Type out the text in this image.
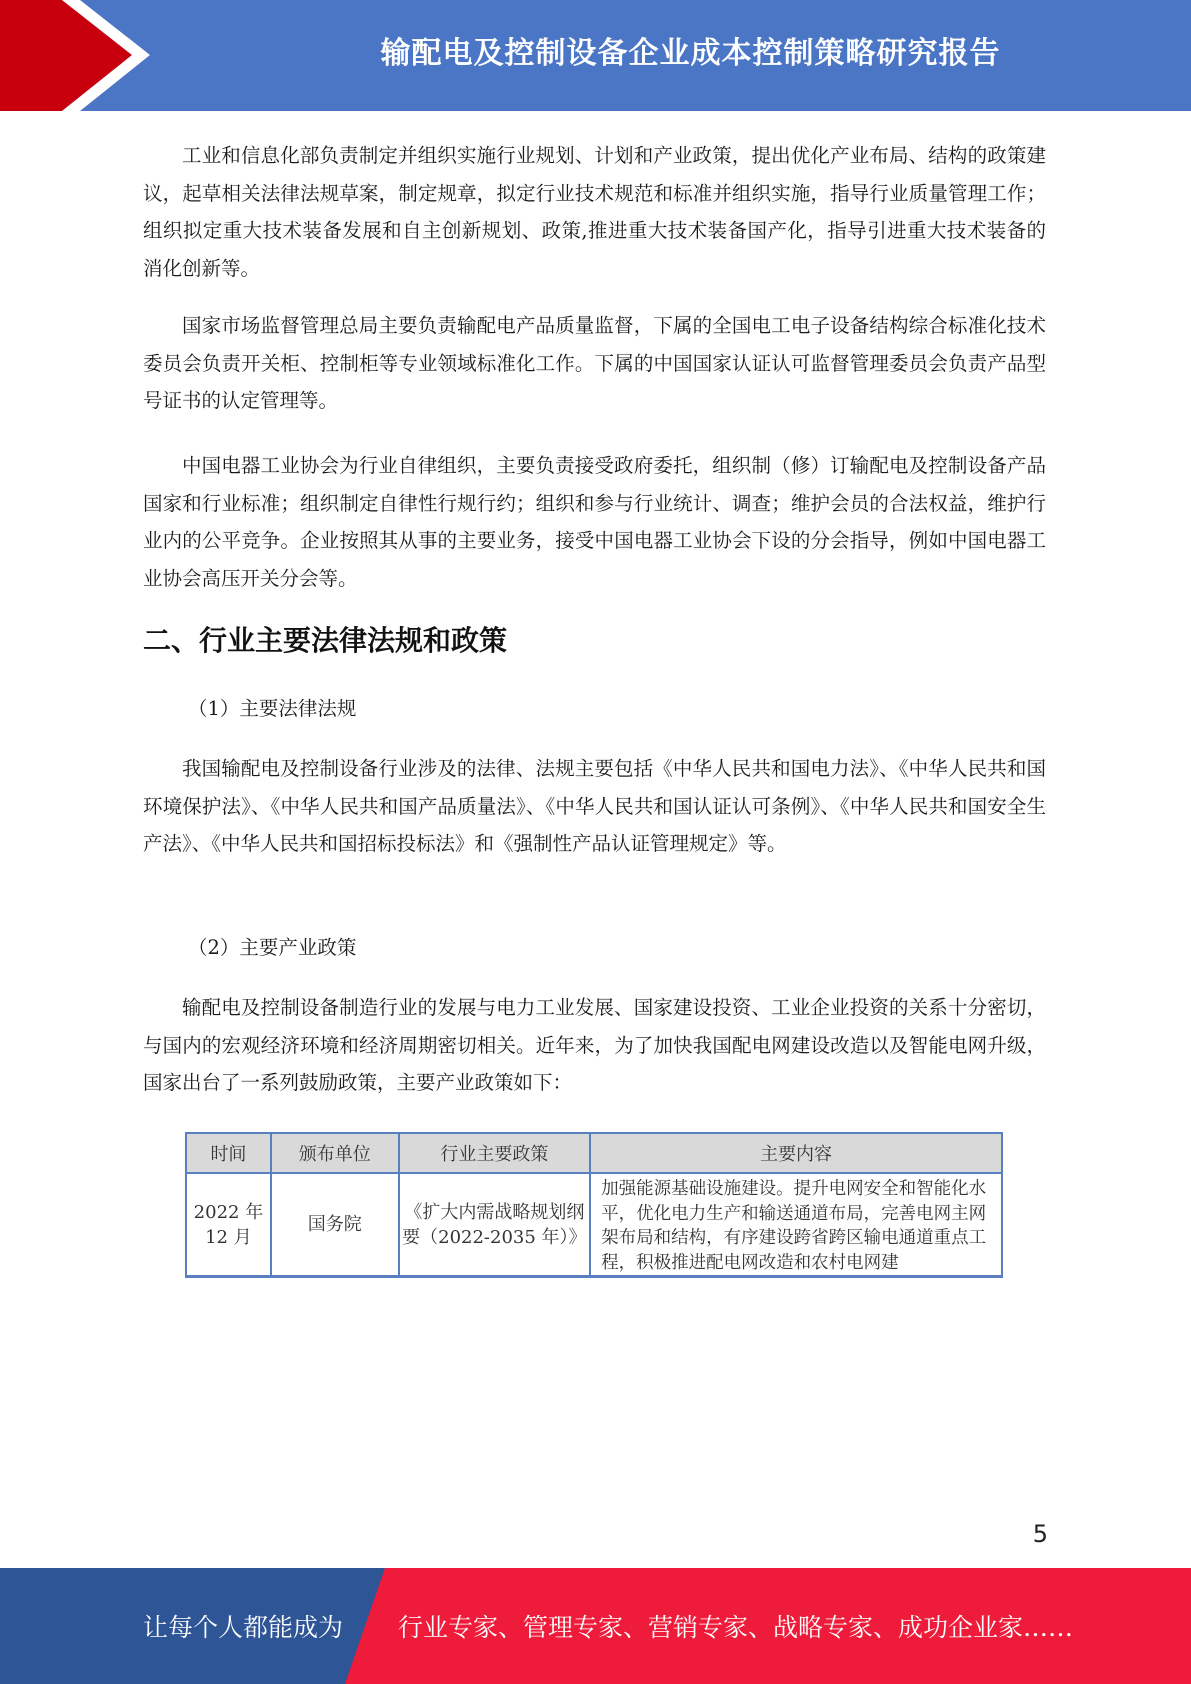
输配电及控制设备企业成本控制策略研究报告

工业和信息化部负责制定并组织实施行业规划、计划和产业政策，提出优化产业布局、结构的政策建议，起草相关法律法规草案，制定规章，拟定行业技术规范和标准并组织实施，指导行业质量管理工作；组织拟定重大技术装备发展和自主创新规划、政策,推进重大技术装备国产化，指导引进重大技术装备的消化创新等。

国家市场监督管理总局主要负责输配电产品质量监督，下属的全国电工电子设备结构综合标准化技术委员会负责开关柜、控制柜等专业领域标准化工作。下属的中国国家认证认可监督管理委员会负责产品型号证书的认定管理等。

中国电器工业协会为行业自律组织，主要负责接受政府委托，组织制（修）订输配电及控制设备产品国家和行业标准；组织制定自律性行规行约；组织和参与行业统计、调查；维护会员的合法权益，维护行业内的公平竞争。企业按照其从事的主要业务，接受中国电器工业协会下设的分会指导，例如中国电器工业协会高压开关分会等。

二、行业主要法律法规和政策
（1）主要法律法规

我国输配电及控制设备行业涉及的法律、法规主要包括《中华人民共和国电力法》、《中华人民共和国环境保护法》、《中华人民共和国产品质量法》、《中华人民共和国认证认可条例》、《中华人民共和国安全生产法》、《中华人民共和国招标投标法》和《强制性产品认证管理规定》等。

（2）主要产业政策

输配电及控制设备制造行业的发展与电力工业发展、国家建设投资、工业企业投资的关系十分密切，与国内的宏观经济环境和经济周期密切相关。近年来，为了加快我国配电网建设改造以及智能电网升级，国家出台了一系列鼓励政策，主要产业政策如下：

时间	颁布单位	行业主要政策	主要内容
2022 年 12 月	国务院	《扩大内需战略规划纲要（2022-2035 年）》	加强能源基础设施建设。提升电网安全和智能化水平，优化电力生产和输送通道布局，完善电网主网架布局和结构，有序建设跨省跨区输电通道重点工程，积极推进配电网改造和农村电网建
5
让每个人都能成为 行业专家、管理专家、营销专家、战略专家、成功企业家……
